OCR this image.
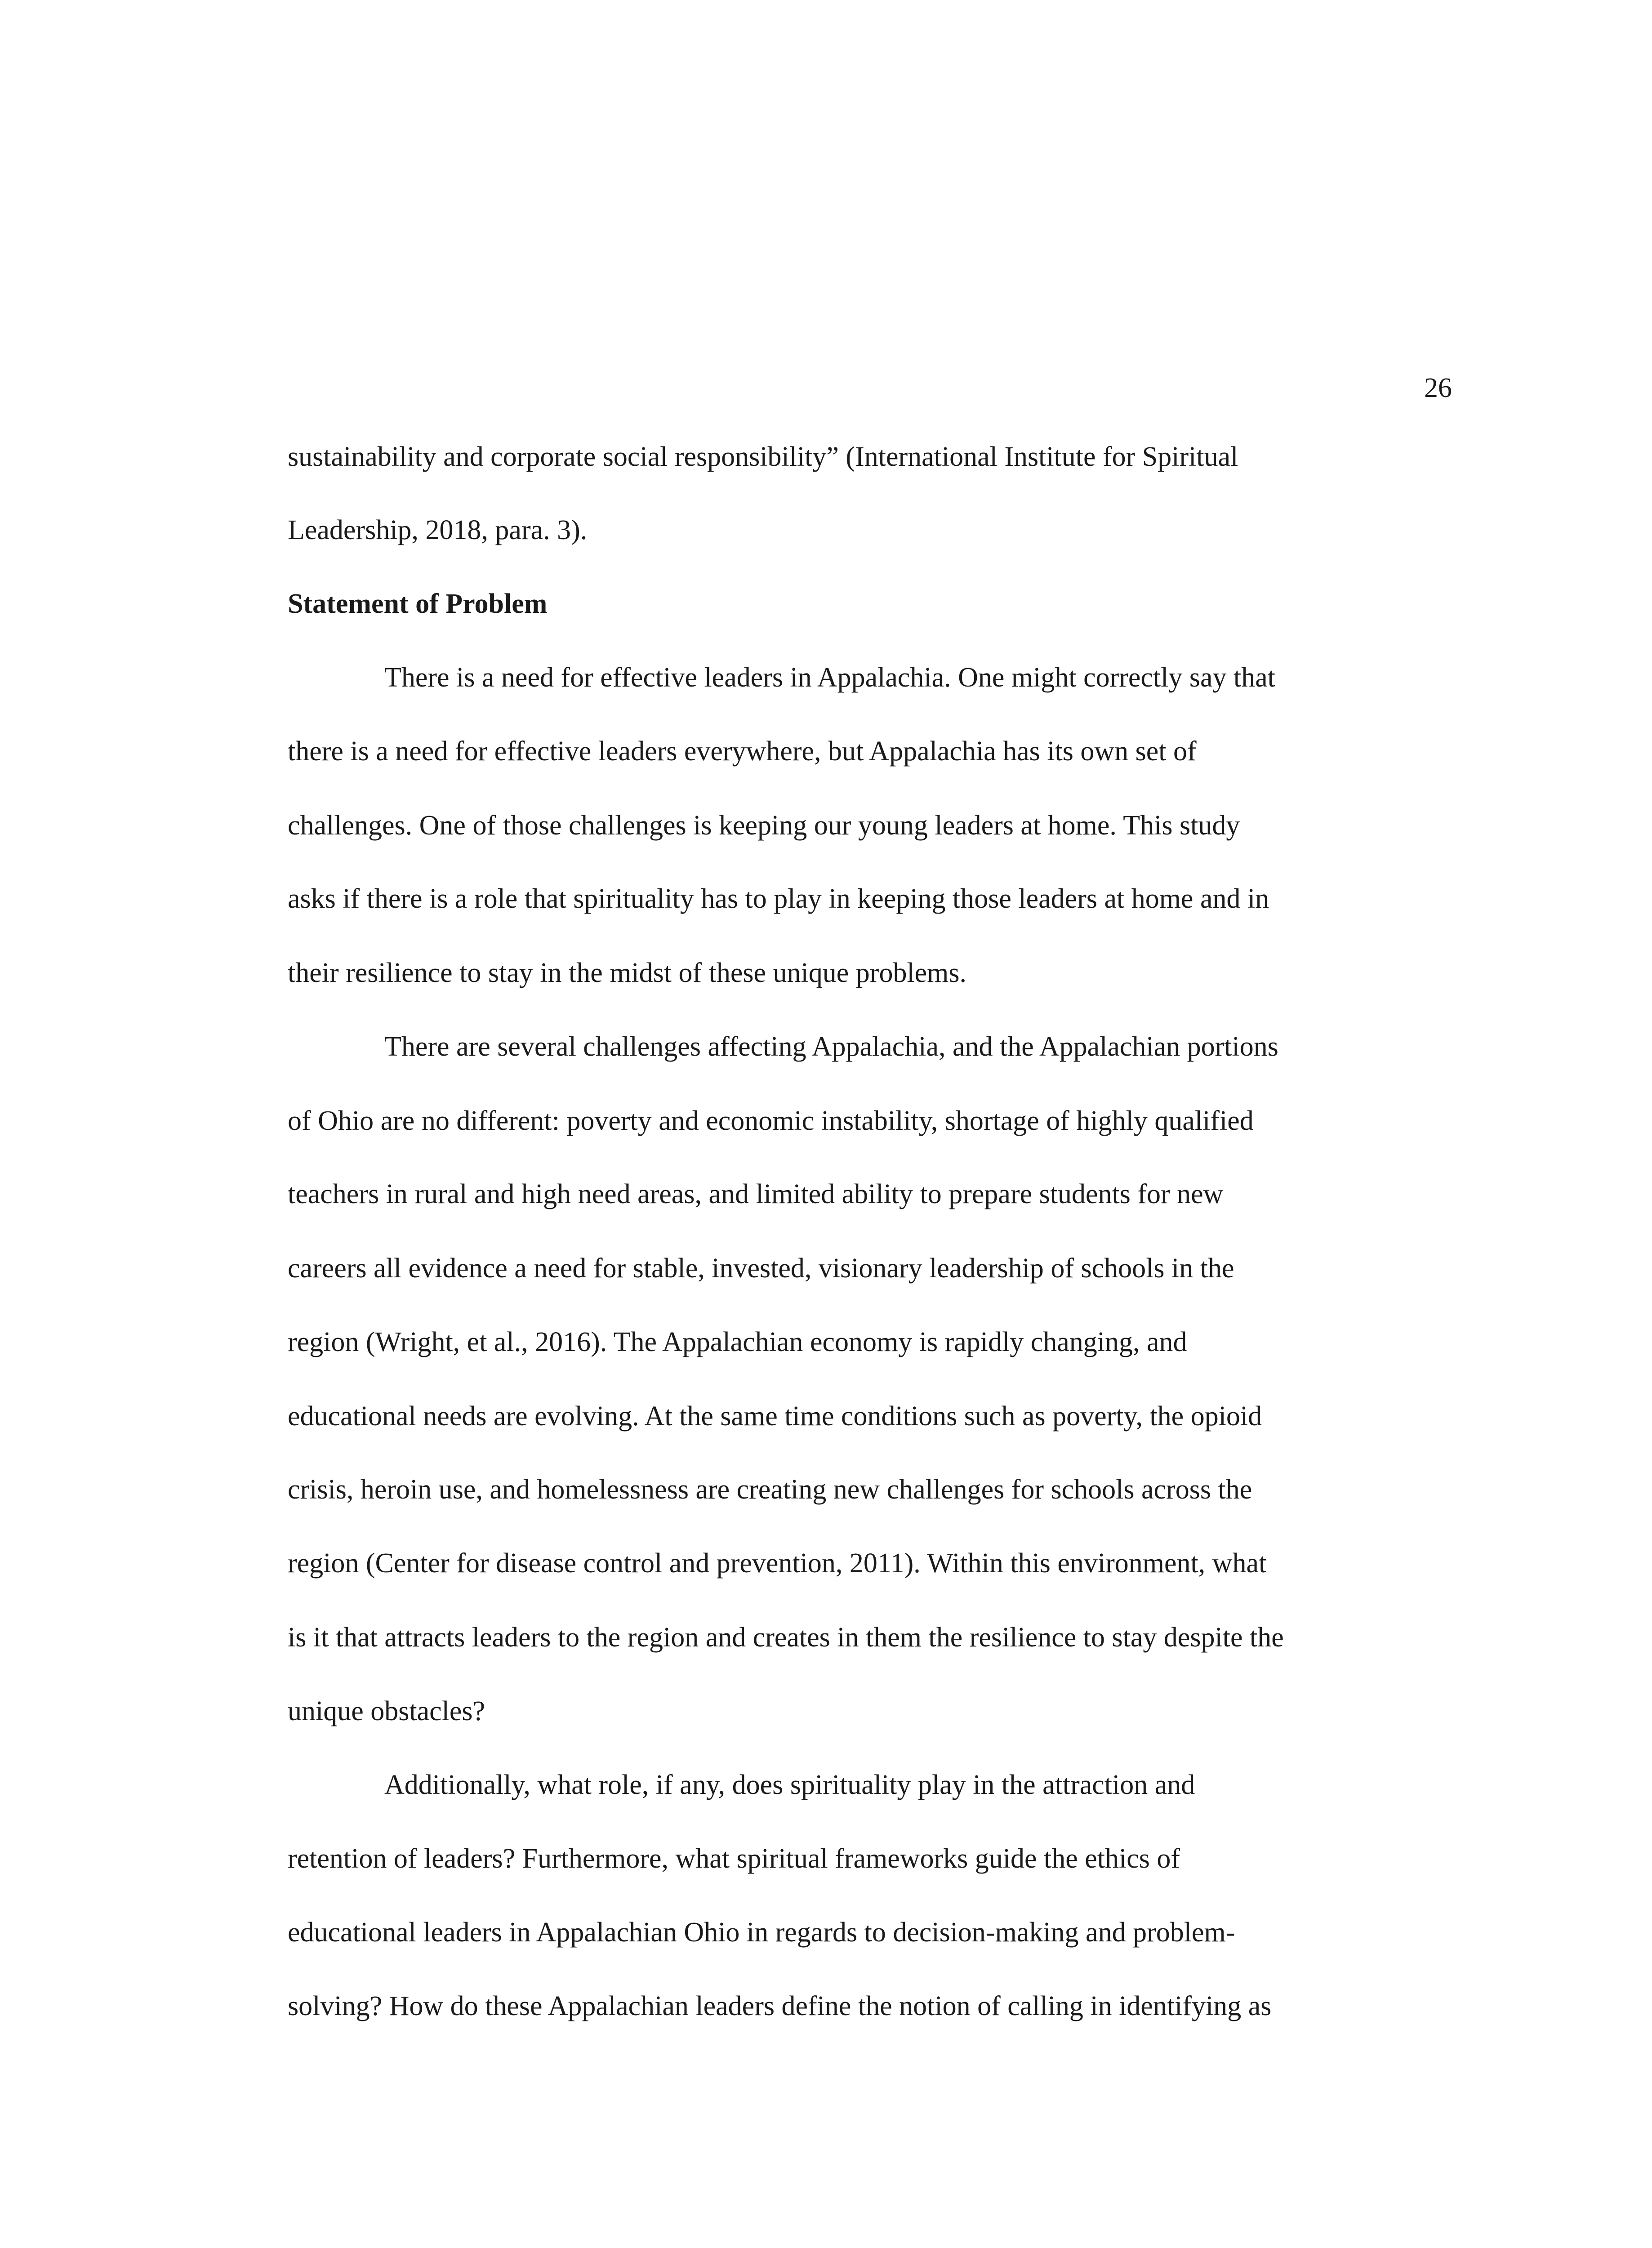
26
sustainability and corporate social responsibility” (International Institute for Spiritual
Leadership, 2018, para. 3).
Statement of Problem
There is a need for effective leaders in Appalachia. One might correctly say that
there is a need for effective leaders everywhere, but Appalachia has its own set of
challenges. One of those challenges is keeping our young leaders at home. This study
asks if there is a role that spirituality has to play in keeping those leaders at home and in
their resilience to stay in the midst of these unique problems.
There are several challenges affecting Appalachia, and the Appalachian portions
of Ohio are no different: poverty and economic instability, shortage of highly qualified
teachers in rural and high need areas, and limited ability to prepare students for new
careers all evidence a need for stable, invested, visionary leadership of schools in the
region (Wright, et al., 2016). The Appalachian economy is rapidly changing, and
educational needs are evolving. At the same time conditions such as poverty, the opioid
crisis, heroin use, and homelessness are creating new challenges for schools across the
region (Center for disease control and prevention, 2011). Within this environment, what
is it that attracts leaders to the region and creates in them the resilience to stay despite the
unique obstacles?
Additionally, what role, if any, does spirituality play in the attraction and
retention of leaders? Furthermore, what spiritual frameworks guide the ethics of
educational leaders in Appalachian Ohio in regards to decision-making and problem-
solving? How do these Appalachian leaders define the notion of calling in identifying as
